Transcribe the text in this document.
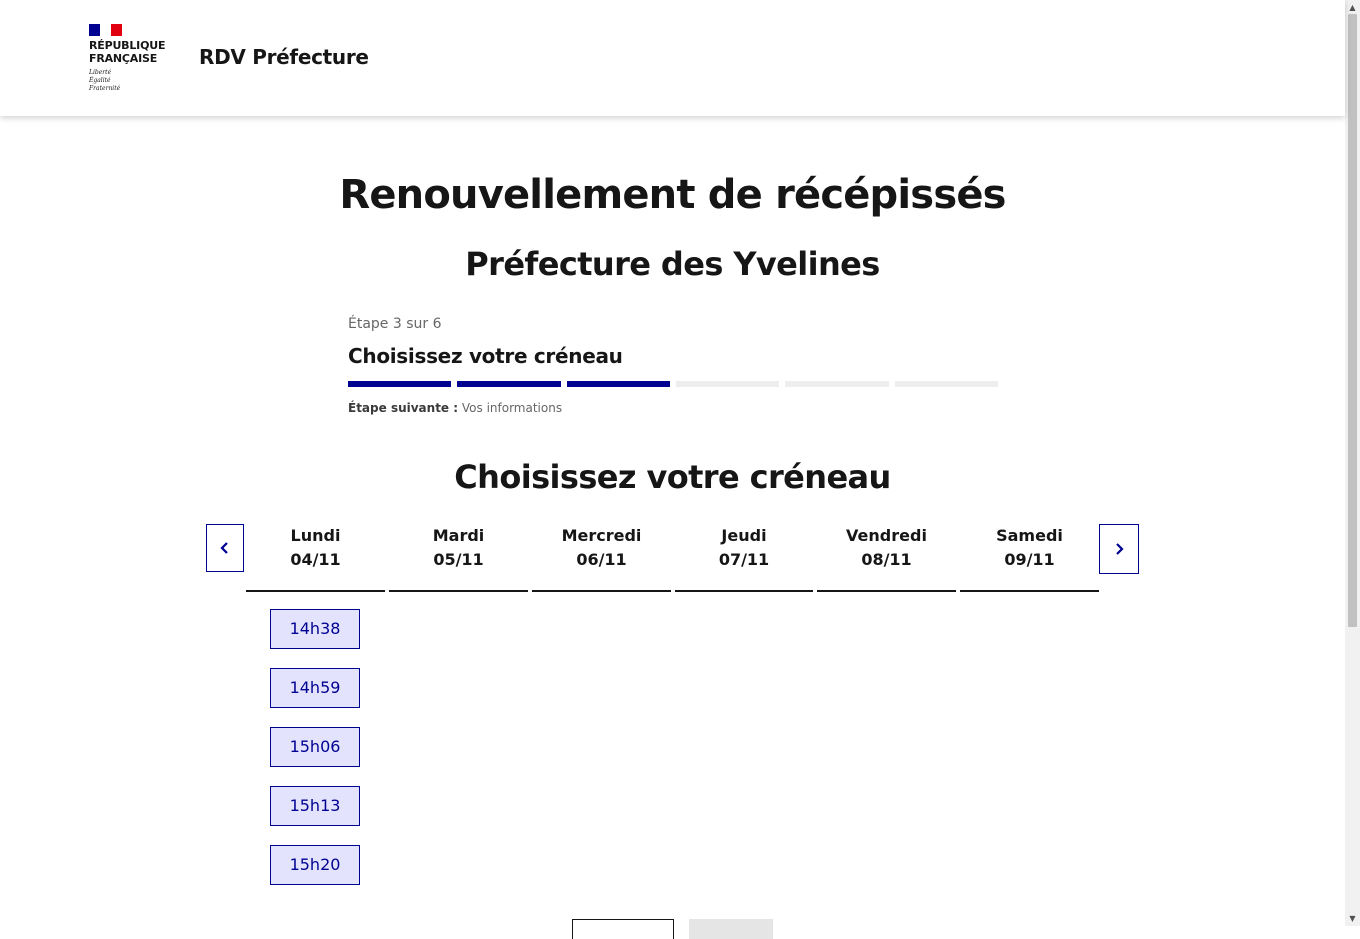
RÉPUBLIQUE
FRANÇAISE
Liberté
Égalité
Fraternité
RDV Préfecture
▲
▼
Renouvellement de récépissés
Préfecture des Yvelines
Étape 3 sur 6
Choisissez votre créneau
Étape suivante : Vos informations
Choisissez votre créneau
Lundi
04/11
Mardi
05/11
Mercredi
06/11
Jeudi
07/11
Vendredi
08/11
Samedi
09/11
14h38
14h59
15h06
15h13
15h20
